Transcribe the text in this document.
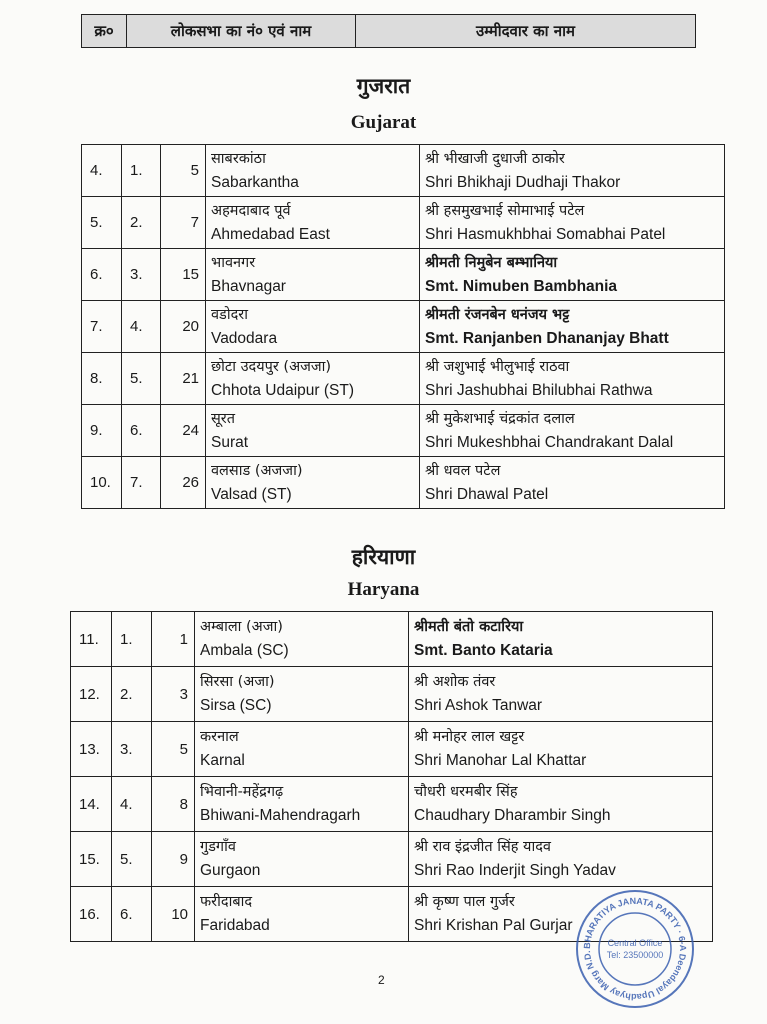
क्र०	लोकसभा का नं० एवं नाम	उम्मीदवार का नाम
गुजरात
Gujarat
4.	1.	5	साबरकांठा
Sabarkantha	श्री भीखाजी दुधाजी ठाकोर
Shri Bhikhaji Dudhaji Thakor

5.	2.	7	अहमदाबाद पूर्व
Ahmedabad East	श्री हसमुखभाई सोमाभाई पटेल
Shri Hasmukhbhai Somabhai Patel

6.	3.	15	भावनगर
Bhavnagar	श्रीमती निमुबेन बम्भानिया
Smt. Nimuben Bambhania

7.	4.	20	वडोदरा
Vadodara	श्रीमती रंजनबेन धनंजय भट्ट
Smt. Ranjanben Dhananjay Bhatt

8.	5.	21	छोटा उदयपुर (अजजा)
Chhota Udaipur (ST)	श्री जशुभाई भीलुभाई राठवा
Shri Jashubhai Bhilubhai Rathwa

9.	6.	24	सूरत
Surat	श्री मुकेशभाई चंद्रकांत दलाल
Shri Mukeshbhai Chandrakant Dalal

10.	7.	26	वलसाड (अजजा)
Valsad (ST)	श्री धवल पटेल
Shri Dhawal Patel
हरियाणा
Haryana
11.	1.	1	अम्बाला (अजा)
Ambala (SC)	श्रीमती बंतो कटारिया
Smt. Banto Kataria

12.	2.	3	सिरसा (अजा)
Sirsa (SC)	श्री अशोक तंवर
Shri Ashok Tanwar

13.	3.	5	करनाल
Karnal	श्री मनोहर लाल खट्टर
Shri Manohar Lal Khattar

14.	4.	8	भिवानी-महेंद्रगढ़
Bhiwani-Mahendragarh	चौधरी धरमबीर सिंह
Chaudhary Dharambir Singh

15.	5.	9	गुडगाँव
Gurgaon	श्री राव इंद्रजीत सिंह यादव
Shri Rao Inderjit Singh Yadav

16.	6.	10	फरीदाबाद
Faridabad	श्री कृष्ण पाल गुर्जर
Shri Krishan Pal Gurjar
BHARATIYA JANATA PARTY · 6-A Deendayal Upadhyay Marg N.D.
Central Office
Tel: 23500000
2
